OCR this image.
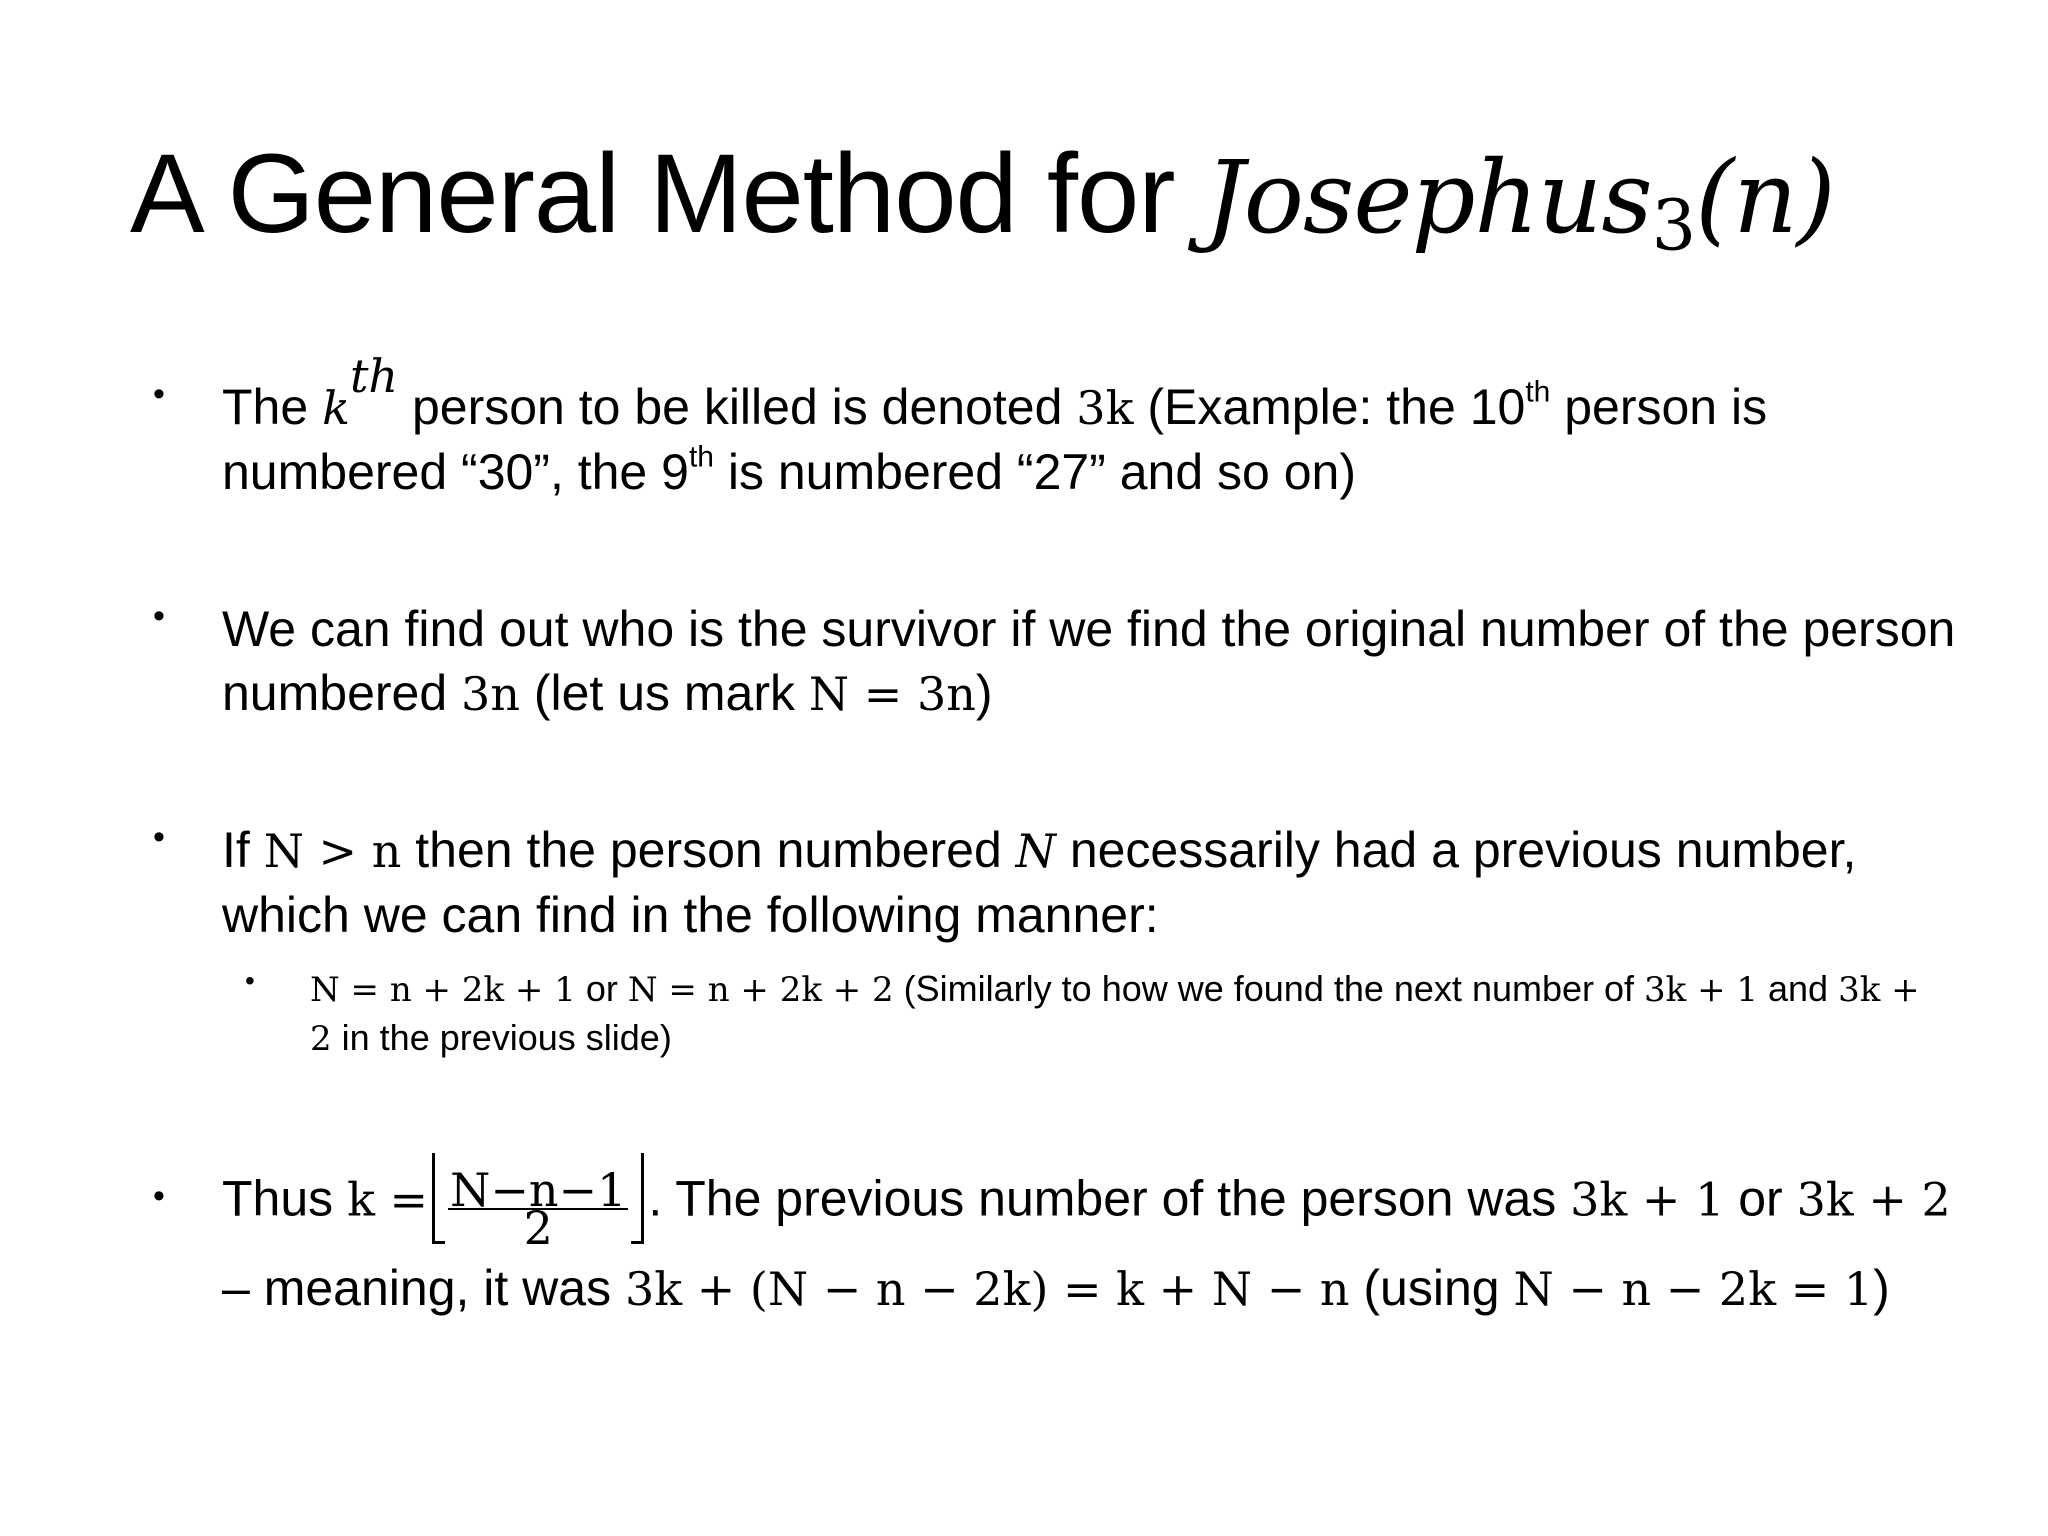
A General Method for Josephus$_3$(n)
• The $k^{th}$ person to be killed is denoted 3k (Example: the 10th person is numbered “30”, the 9th is numbered “27” and so on)
• We can find out who is the survivor if we find the original number of the person numbered 3n (let us mark N = 3n)
• If N > n then the person numbered N necessarily had a previous number, which we can find in the following manner:
• N = n + 2k + 1 or N = n + 2k + 2 (Similarly to how we found the next number of 3k + 1 and 3k + 2 in the previous slide)
• Thus $k = \frac{N-n-1}{2}$ . The previous number of the person was 3k + 1 or 3k + 2 – meaning, it was 3k + (N − n − 2k) = k + N − n (using N − n − 2k = 1)
